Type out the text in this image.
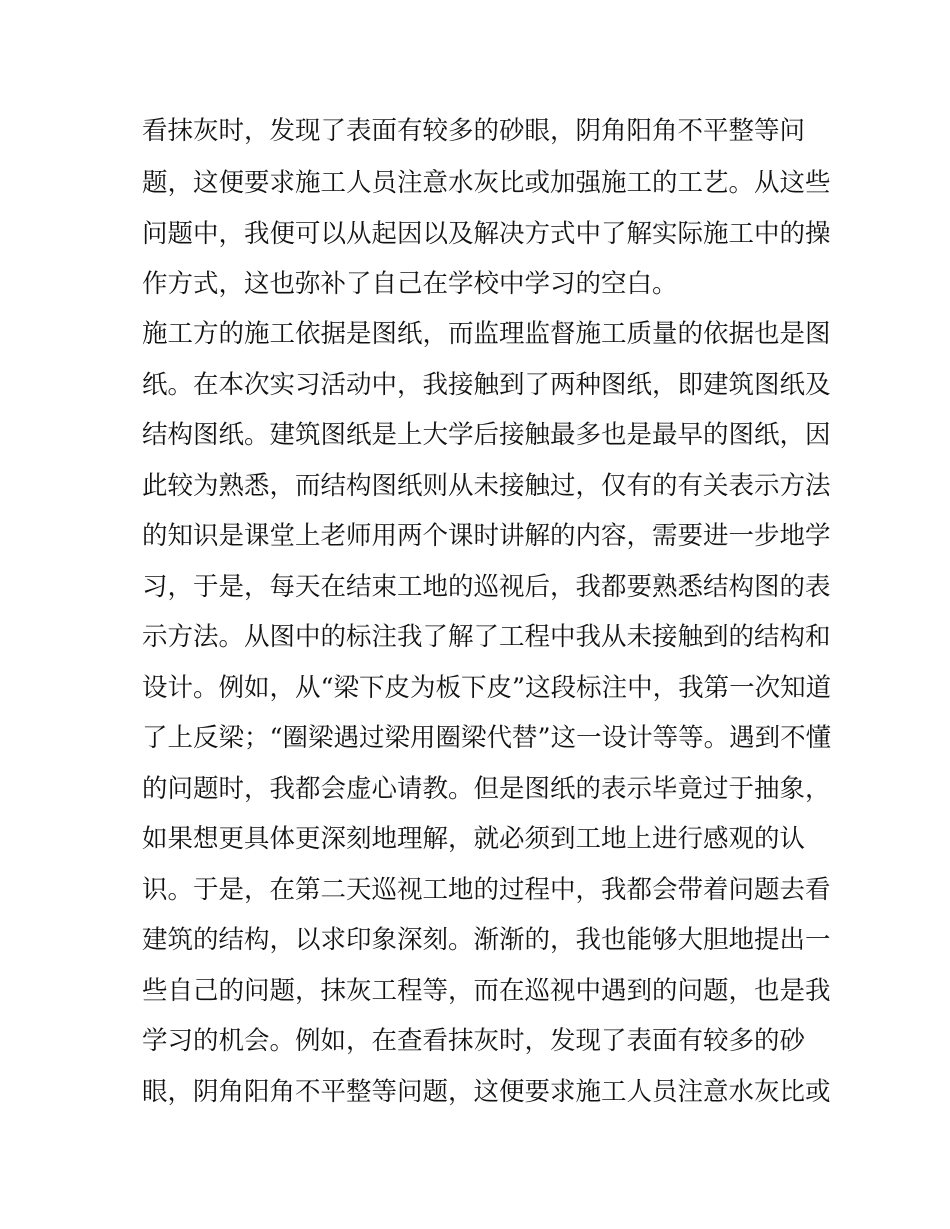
看抹灰时，发现了表面有较多的砂眼，阴角阳角不平整等问
题，这便要求施工人员注意水灰比或加强施工的工艺。从这些
问题中，我便可以从起因以及解决方式中了解实际施工中的操
作方式，这也弥补了自己在学校中学习的空白。
施工方的施工依据是图纸，而监理监督施工质量的依据也是图
纸。在本次实习活动中，我接触到了两种图纸，即建筑图纸及
结构图纸。建筑图纸是上大学后接触最多也是最早的图纸，因
此较为熟悉，而结构图纸则从未接触过，仅有的有关表示方法
的知识是课堂上老师用两个课时讲解的内容，需要进一步地学
习，于是，每天在结束工地的巡视后，我都要熟悉结构图的表
示方法。从图中的标注我了解了工程中我从未接触到的结构和
设计。例如，从“梁下皮为板下皮”这段标注中，我第一次知道
了上反梁；“圈梁遇过梁用圈梁代替”这一设计等等。遇到不懂
的问题时，我都会虚心请教。但是图纸的表示毕竟过于抽象，
如果想更具体更深刻地理解，就必须到工地上进行感观的认
识。于是，在第二天巡视工地的过程中，我都会带着问题去看
建筑的结构，以求印象深刻。渐渐的，我也能够大胆地提出一
些自己的问题，抹灰工程等，而在巡视中遇到的问题，也是我
学习的机会。例如，在查看抹灰时，发现了表面有较多的砂
眼，阴角阳角不平整等问题，这便要求施工人员注意水灰比或
